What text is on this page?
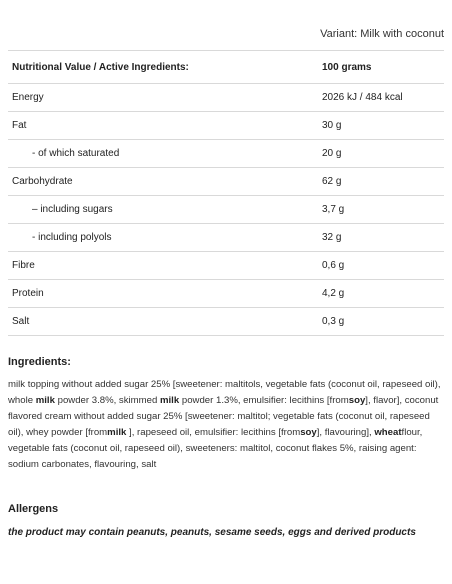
Variant: Milk with coconut
Nutritional Value / Active Ingredients:	100 grams
Energy	2026 kJ / 484 kcal
Fat	30 g
- of which saturated	20 g
Carbohydrate	62 g
– including sugars	3,7 g
- including polyols	32 g
Fibre	0,6 g
Protein	4,2 g
Salt	0,3 g
Ingredients:
milk topping without added sugar 25% [sweetener: maltitols, vegetable fats (coconut oil, rapeseed oil), whole milk powder 3.8%, skimmed milk powder 1.3%, emulsifier: lecithins [fromsoy], flavor], coconut flavored cream without added sugar 25% [sweetener: maltitol; vegetable fats (coconut oil, rapeseed oil), whey powder [frommilk ], rapeseed oil, emulsifier: lecithins [fromsoy], flavouring], wheatflour, vegetable fats (coconut oil, rapeseed oil), sweeteners: maltitol, coconut flakes 5%, raising agent: sodium carbonates, flavouring, salt
Allergens
the product may contain peanuts, peanuts, sesame seeds, eggs and derived products
